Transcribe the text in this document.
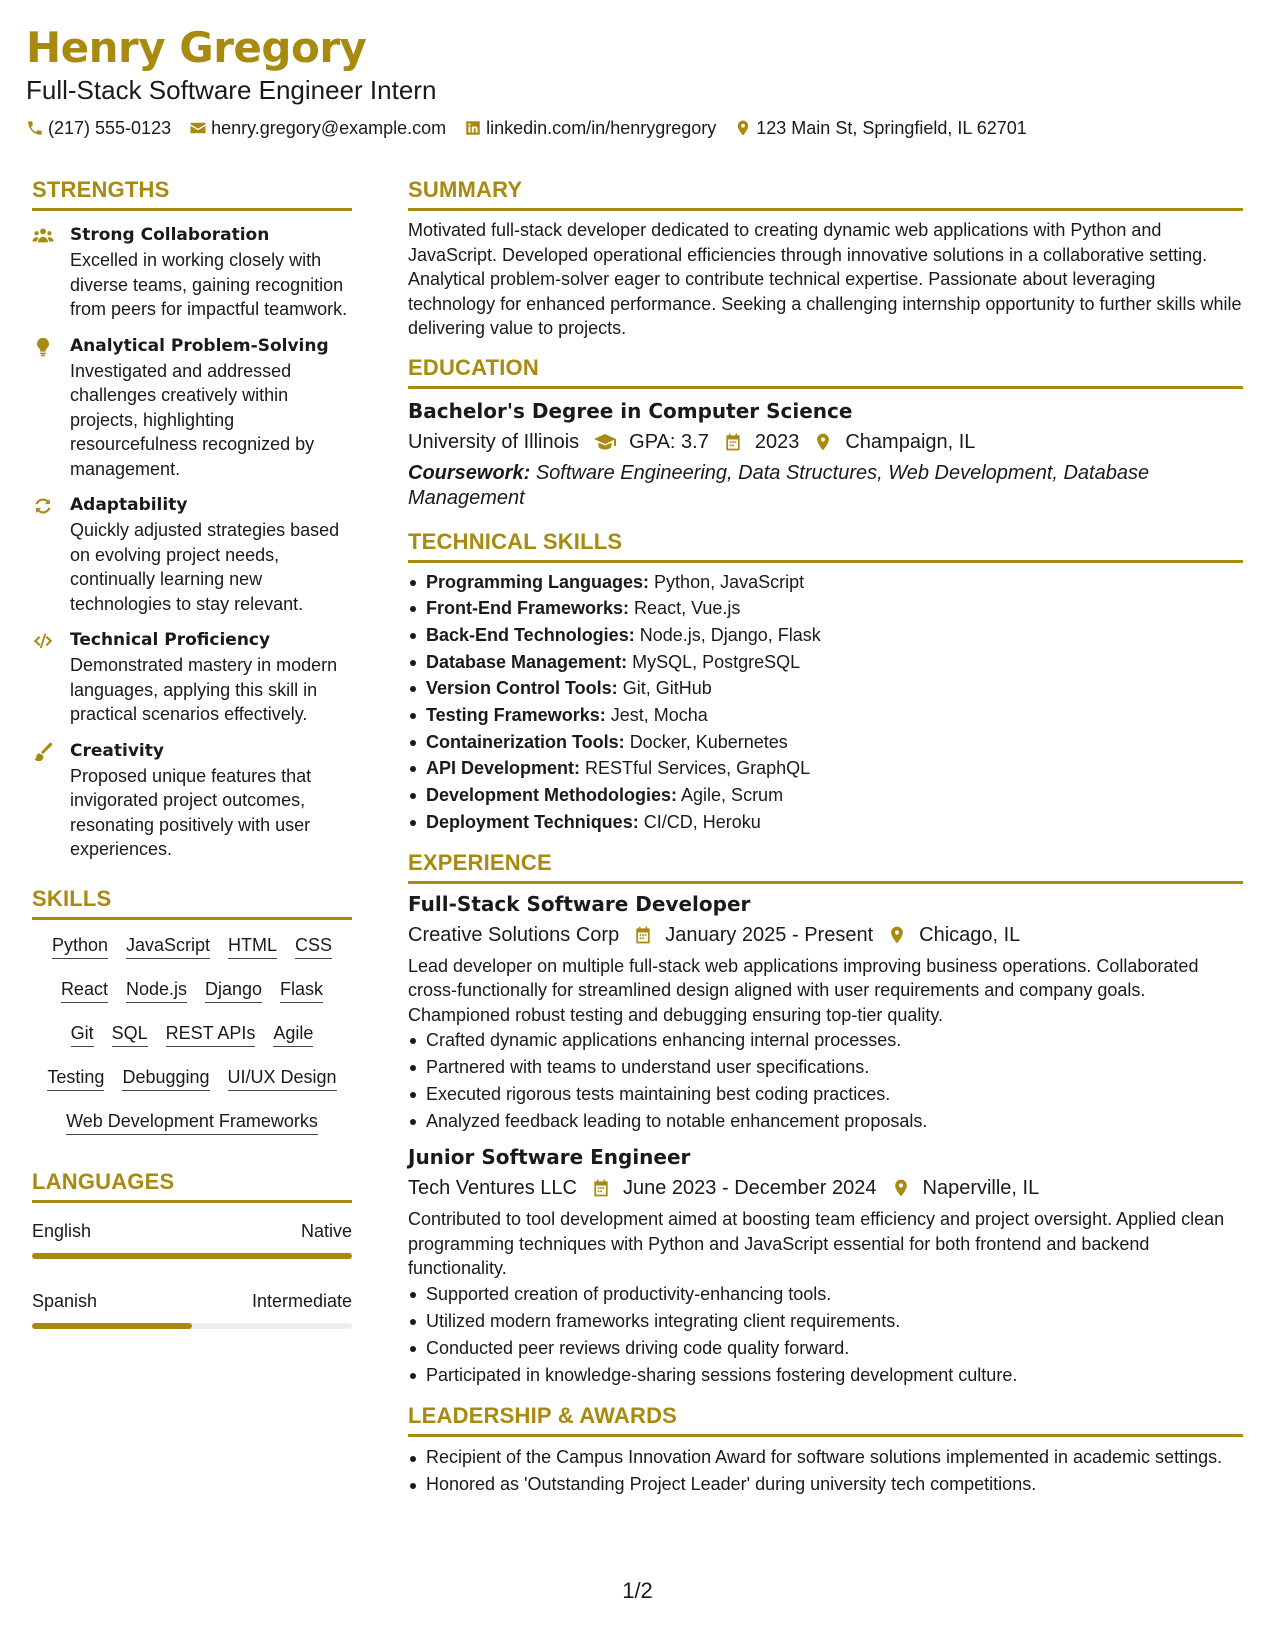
Henry Gregory
Full-Stack Software Engineer Intern
(217) 555-0123 henry.gregory@example.com linkedin.com/in/henrygregory 123 Main St, Springfield, IL 62701
STRENGTHS
Strong Collaboration
Excelled in working closely with diverse teams, gaining recognition from peers for impactful teamwork.
Analytical Problem-Solving
Investigated and addressed challenges creatively within projects, highlighting resourcefulness recognized by management.
Adaptability
Quickly adjusted strategies based on evolving project needs, continually learning new technologies to stay relevant.
Technical Proficiency
Demonstrated mastery in modern languages, applying this skill in practical scenarios effectively.
Creativity
Proposed unique features that invigorated project outcomes, resonating positively with user experiences.
SKILLS
Python JavaScript HTML CSS
React Node.js Django Flask
Git SQL REST APIs Agile
Testing Debugging UI/UX Design
Web Development Frameworks
LANGUAGES
English	Native
Spanish	Intermediate
SUMMARY
Motivated full-stack developer dedicated to creating dynamic web applications with Python and JavaScript. Developed operational efficiencies through innovative solutions in a collaborative setting. Analytical problem-solver eager to contribute technical expertise. Passionate about leveraging technology for enhanced performance. Seeking a challenging internship opportunity to further skills while delivering value to projects.
EDUCATION
Bachelor's Degree in Computer Science
University of Illinois	GPA: 3.7 2023 Champaign, IL
Coursework: Software Engineering, Data Structures, Web Development, Database Management
TECHNICAL SKILLS
Programming Languages: Python, JavaScript
Front-End Frameworks: React, Vue.js
Back-End Technologies: Node.js, Django, Flask
Database Management: MySQL, PostgreSQL
Version Control Tools: Git, GitHub
Testing Frameworks: Jest, Mocha
Containerization Tools: Docker, Kubernetes
API Development: RESTful Services, GraphQL
Development Methodologies: Agile, Scrum
Deployment Techniques: CI/CD, Heroku
EXPERIENCE
Full-Stack Software Developer
Creative Solutions Corp January 2025 - Present Chicago, IL
Lead developer on multiple full-stack web applications improving business operations. Collaborated cross-functionally for streamlined design aligned with user requirements and company goals. Championed robust testing and debugging ensuring top-tier quality.
Crafted dynamic applications enhancing internal processes.
Partnered with teams to understand user specifications.
Executed rigorous tests maintaining best coding practices.
Analyzed feedback leading to notable enhancement proposals.
Junior Software Engineer
Tech Ventures LLC June 2023 - December 2024 Naperville, IL
Contributed to tool development aimed at boosting team efficiency and project oversight. Applied clean programming techniques with Python and JavaScript essential for both frontend and backend functionality.
Supported creation of productivity-enhancing tools.
Utilized modern frameworks integrating client requirements.
Conducted peer reviews driving code quality forward.
Participated in knowledge-sharing sessions fostering development culture.
LEADERSHIP & AWARDS
Recipient of the Campus Innovation Award for software solutions implemented in academic settings.
Honored as 'Outstanding Project Leader' during university tech competitions.
1/2
